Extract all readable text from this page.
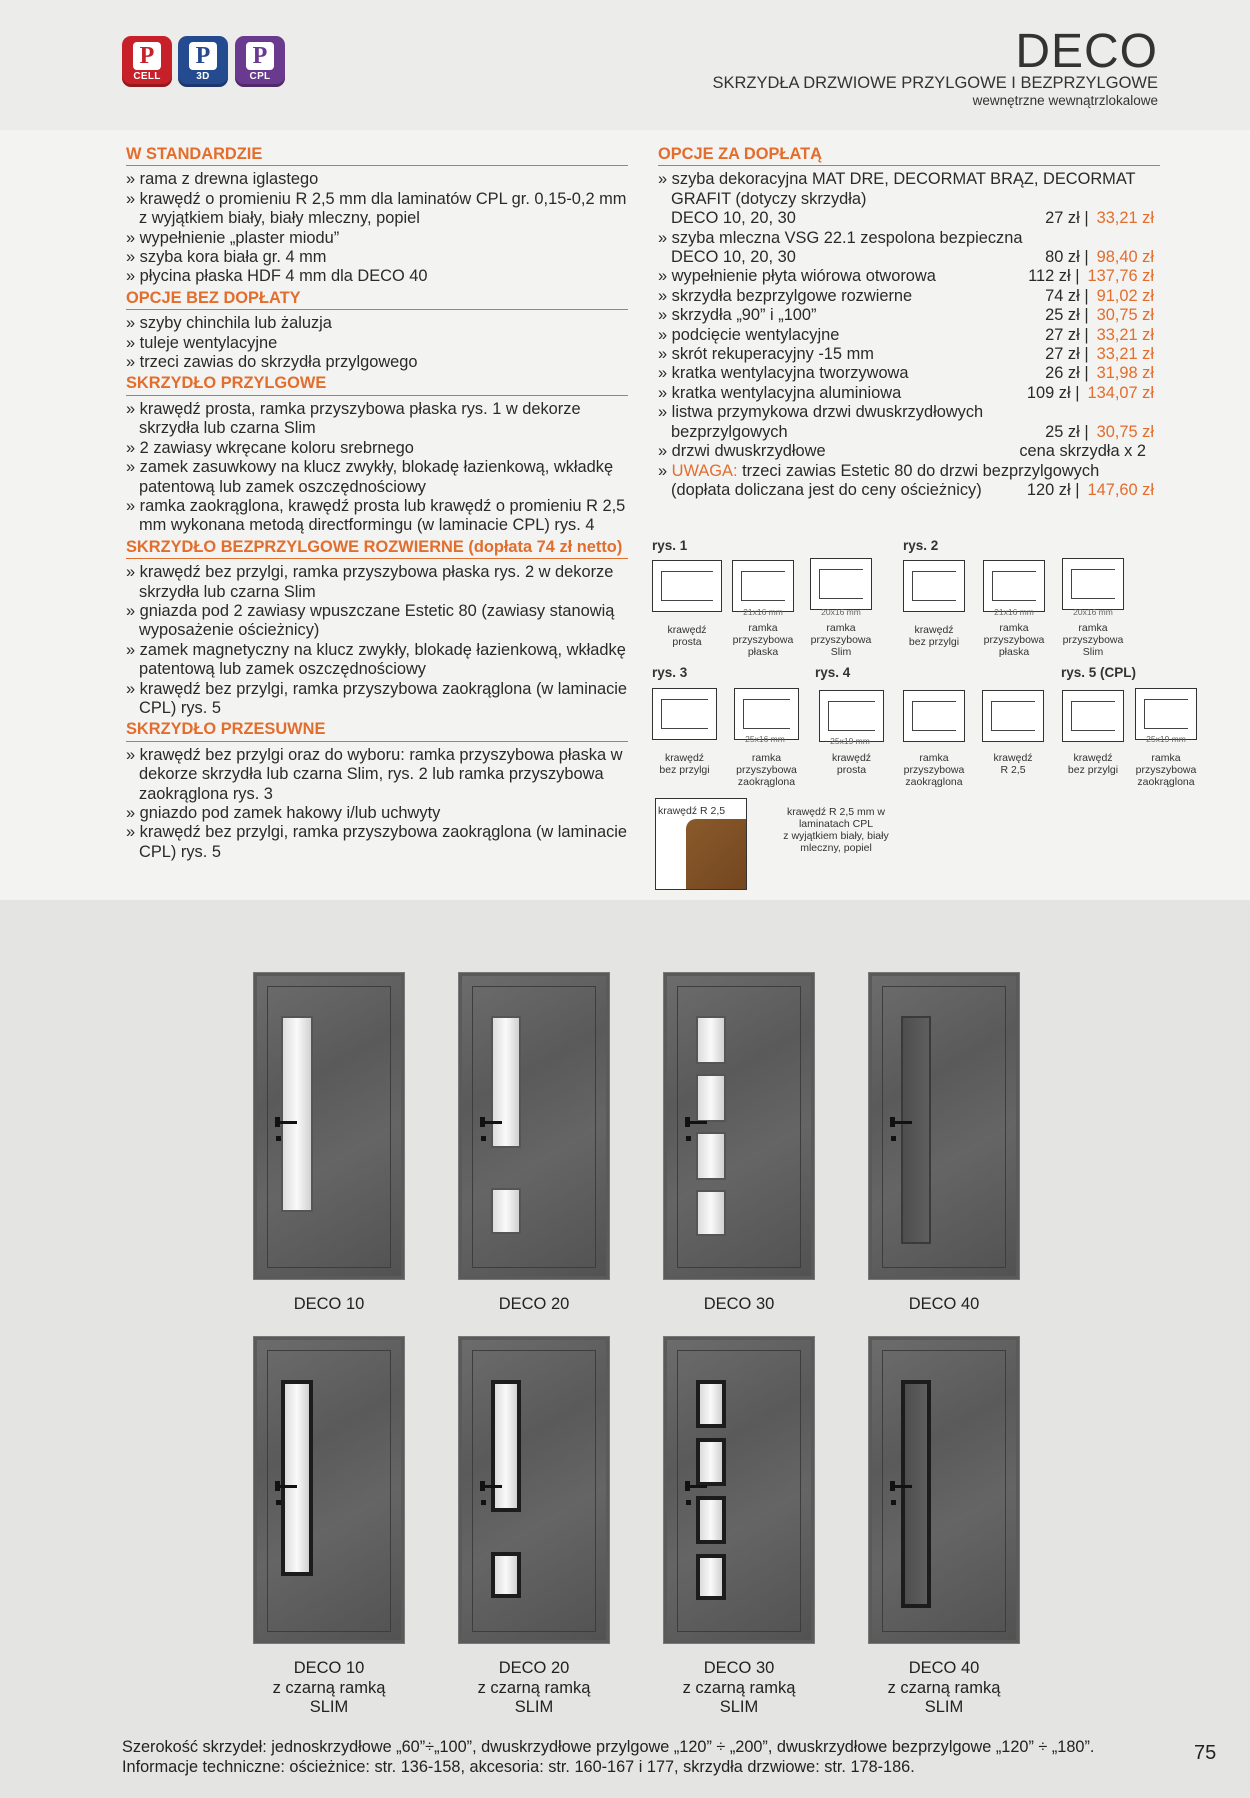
P
CELL
P
3D
P
CPL	DECO
SKRZYDŁA DRZWIOWE PRZYLGOWE I BEZPRZYLGOWE
wewnętrzne wewnątrzlokalowe
W STANDARDZIE
» rama z drewna iglastego
» krawędź o promieniu R 2,5 mm dla laminatów CPL gr. 0,15-0,2 mm z wyjątkiem biały, biały mleczny, popiel
» wypełnienie „plaster miodu”
» szyba kora biała gr. 4 mm
» płycina płaska HDF 4 mm dla DECO 40
OPCJE BEZ DOPŁATY
» szyby chinchila lub żaluzja
» tuleje wentylacyjne
» trzeci zawias do skrzydła przylgowego
SKRZYDŁO PRZYLGOWE
» krawędź prosta, ramka przyszybowa płaska rys. 1 w dekorze skrzydła lub czarna Slim
» 2 zawiasy wkręcane koloru srebrnego
» zamek zasuwkowy na klucz zwykły, blokadę łazienkową, wkładkę patentową lub zamek oszczędnościowy
» ramka zaokrąglona, krawędź prosta lub krawędź o promieniu R 2,5 mm wykonana metodą directformingu (w laminacie CPL) rys. 4
SKRZYDŁO BEZPRZYLGOWE ROZWIERNE (dopłata 74 zł netto)
» krawędź bez przylgi, ramka przyszybowa płaska rys. 2 w dekorze skrzydła lub czarna Slim
» gniazda pod 2 zawiasy wpuszczane Estetic 80 (zawiasy stanowią wyposażenie ościeżnicy)
» zamek magnetyczny na klucz zwykły, blokadę łazienkową, wkładkę patentową lub zamek oszczędnościowy
» krawędź bez przylgi, ramka przyszybowa zaokrąglona (w laminacie CPL) rys. 5
SKRZYDŁO PRZESUWNE
» krawędź bez przylgi oraz do wyboru: ramka przyszybowa płaska w dekorze skrzydła lub czarna Slim, rys. 2 lub ramka przyszybowa zaokrąglona rys. 3
» gniazdo pod zamek hakowy i/lub uchwyty
» krawędź bez przylgi, ramka przyszybowa zaokrąglona (w laminacie CPL) rys. 5
OPCJE ZA DOPŁATĄ
» szyba dekoracyjna MAT DRE, DECORMAT BRĄZ, DECORMAT GRAFIT (dotyczy skrzydła)
DECO 10, 20, 30	27 zł | 33,21 zł
» szyba mleczna VSG 22.1 zespolona bezpieczna
DECO 10, 20, 30	80 zł | 98,40 zł
» wypełnienie płyta wiórowa otworowa	112 zł | 137,76 zł
» skrzydła bezprzylgowe rozwierne	74 zł | 91,02 zł
» skrzydła „90” i „100”	25 zł | 30,75 zł
» podcięcie wentylacyjne	27 zł | 33,21 zł
» skrót rekuperacyjny -15 mm	27 zł | 33,21 zł
» kratka wentylacyjna tworzywowa	26 zł | 31,98 zł
» kratka wentylacyjna aluminiowa	109 zł | 134,07 zł
» listwa przymykowa drzwi dwuskrzydłowych
bezprzylgowych	25 zł | 30,75 zł
» drzwi dwuskrzydłowe	cena skrzydła x 2
» UWAGA: trzeci zawias Estetic 80 do drzwi bezprzylgowych
(dopłata doliczana jest do ceny ościeżnicy)	120 zł | 147,60 zł
rys. 1	rys. 2
rys. 3	rys. 4	rys. 5 (CPL)
krawędź
prosta
ramka
przyszybowa
płaska
ramka
przyszybowa
Slim
krawędź
bez przylgi
ramka
przyszybowa
płaska
ramka
przyszybowa
Slim
krawędź
bez przylgi
ramka
przyszybowa
zaokrąglona
krawędź
prosta
ramka
przyszybowa
zaokrąglona
krawędź
R 2,5
krawędź
bez przylgi
ramka
przyszybowa
zaokrąglona
21x16 mm	20x16 mm	21x16 mm	20x16 mm
25x16 mm	25x19 mm	25x19 mm
krawędź R 2,5	krawędź R 2,5 mm w
laminatach CPL
z wyjątkiem biały, biały
mleczny, popiel
DECO 10	DECO 20	DECO 30	DECO 40
DECO 10
z czarną ramką
SLIM
DECO 20
z czarną ramką
SLIM
DECO 30
z czarną ramką
SLIM
DECO 40
z czarną ramką
SLIM
Szerokość skrzydeł: jednoskrzydłowe „60”÷„100”, dwuskrzydłowe przylgowe „120” ÷ „200”, dwuskrzydłowe bezprzylgowe „120” ÷ „180”.
Informacje techniczne: ościeżnice: str. 136-158, akcesoria: str. 160-167 i 177, skrzydła drzwiowe: str. 178-186.
75
